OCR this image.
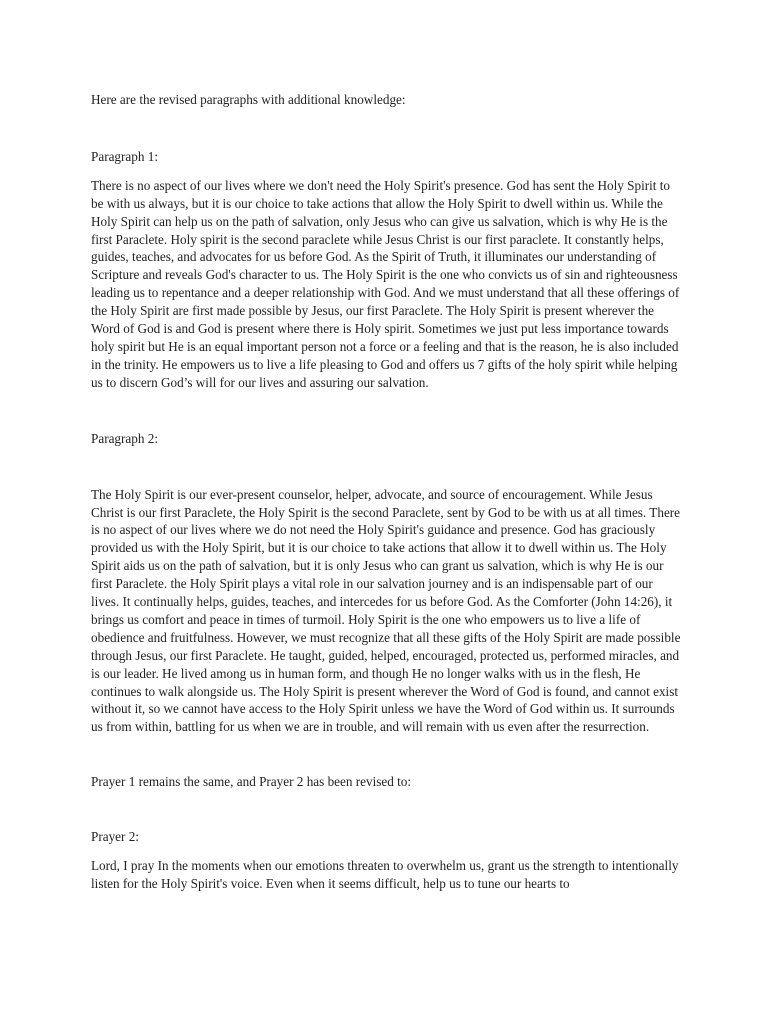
Here are the revised paragraphs with additional knowledge:

Paragraph 1:

There is no aspect of our lives where we don't need the Holy Spirit's presence. God has sent the Holy Spirit to be with us always, but it is our choice to take actions that allow the Holy Spirit to dwell within us. While the Holy Spirit can help us on the path of salvation, only Jesus who can give us salvation, which is why He is the first Paraclete. Holy spirit is the second paraclete while Jesus Christ is our first paraclete. It constantly helps, guides, teaches, and advocates for us before God. As the Spirit of Truth, it illuminates our understanding of Scripture and reveals God's character to us. The Holy Spirit is the one who convicts us of sin and righteousness leading us to repentance and a deeper relationship with God. And we must understand that all these offerings of the Holy Spirit are first made possible by Jesus, our first Paraclete. The Holy Spirit is present wherever the Word of God is and God is present where there is Holy spirit. Sometimes we just put less importance towards holy spirit but He is an equal important person not a force or a feeling and that is the reason, he is also included in the trinity. He empowers us to live a life pleasing to God and offers us 7 gifts of the holy spirit while helping us to discern God’s will for our lives and assuring our salvation.

Paragraph 2:

The Holy Spirit is our ever-present counselor, helper, advocate, and source of encouragement. While Jesus Christ is our first Paraclete, the Holy Spirit is the second Paraclete, sent by God to be with us at all times. There is no aspect of our lives where we do not need the Holy Spirit's guidance and presence. God has graciously provided us with the Holy Spirit, but it is our choice to take actions that allow it to dwell within us. The Holy Spirit aids us on the path of salvation, but it is only Jesus who can grant us salvation, which is why He is our first Paraclete. the Holy Spirit plays a vital role in our salvation journey and is an indispensable part of our lives. It continually helps, guides, teaches, and intercedes for us before God. As the Comforter (John 14:26), it brings us comfort and peace in times of turmoil. Holy Spirit is the one who empowers us to live a life of obedience and fruitfulness. However, we must recognize that all these gifts of the Holy Spirit are made possible through Jesus, our first Paraclete. He taught, guided, helped, encouraged, protected us, performed miracles, and is our leader. He lived among us in human form, and though He no longer walks with us in the flesh, He continues to walk alongside us. The Holy Spirit is present wherever the Word of God is found, and cannot exist without it, so we cannot have access to the Holy Spirit unless we have the Word of God within us. It surrounds us from within, battling for us when we are in trouble, and will remain with us even after the resurrection.

Prayer 1 remains the same, and Prayer 2 has been revised to:

Prayer 2:

Lord, I pray In the moments when our emotions threaten to overwhelm us, grant us the strength to intentionally listen for the Holy Spirit's voice. Even when it seems difficult, help us to tune our hearts to
